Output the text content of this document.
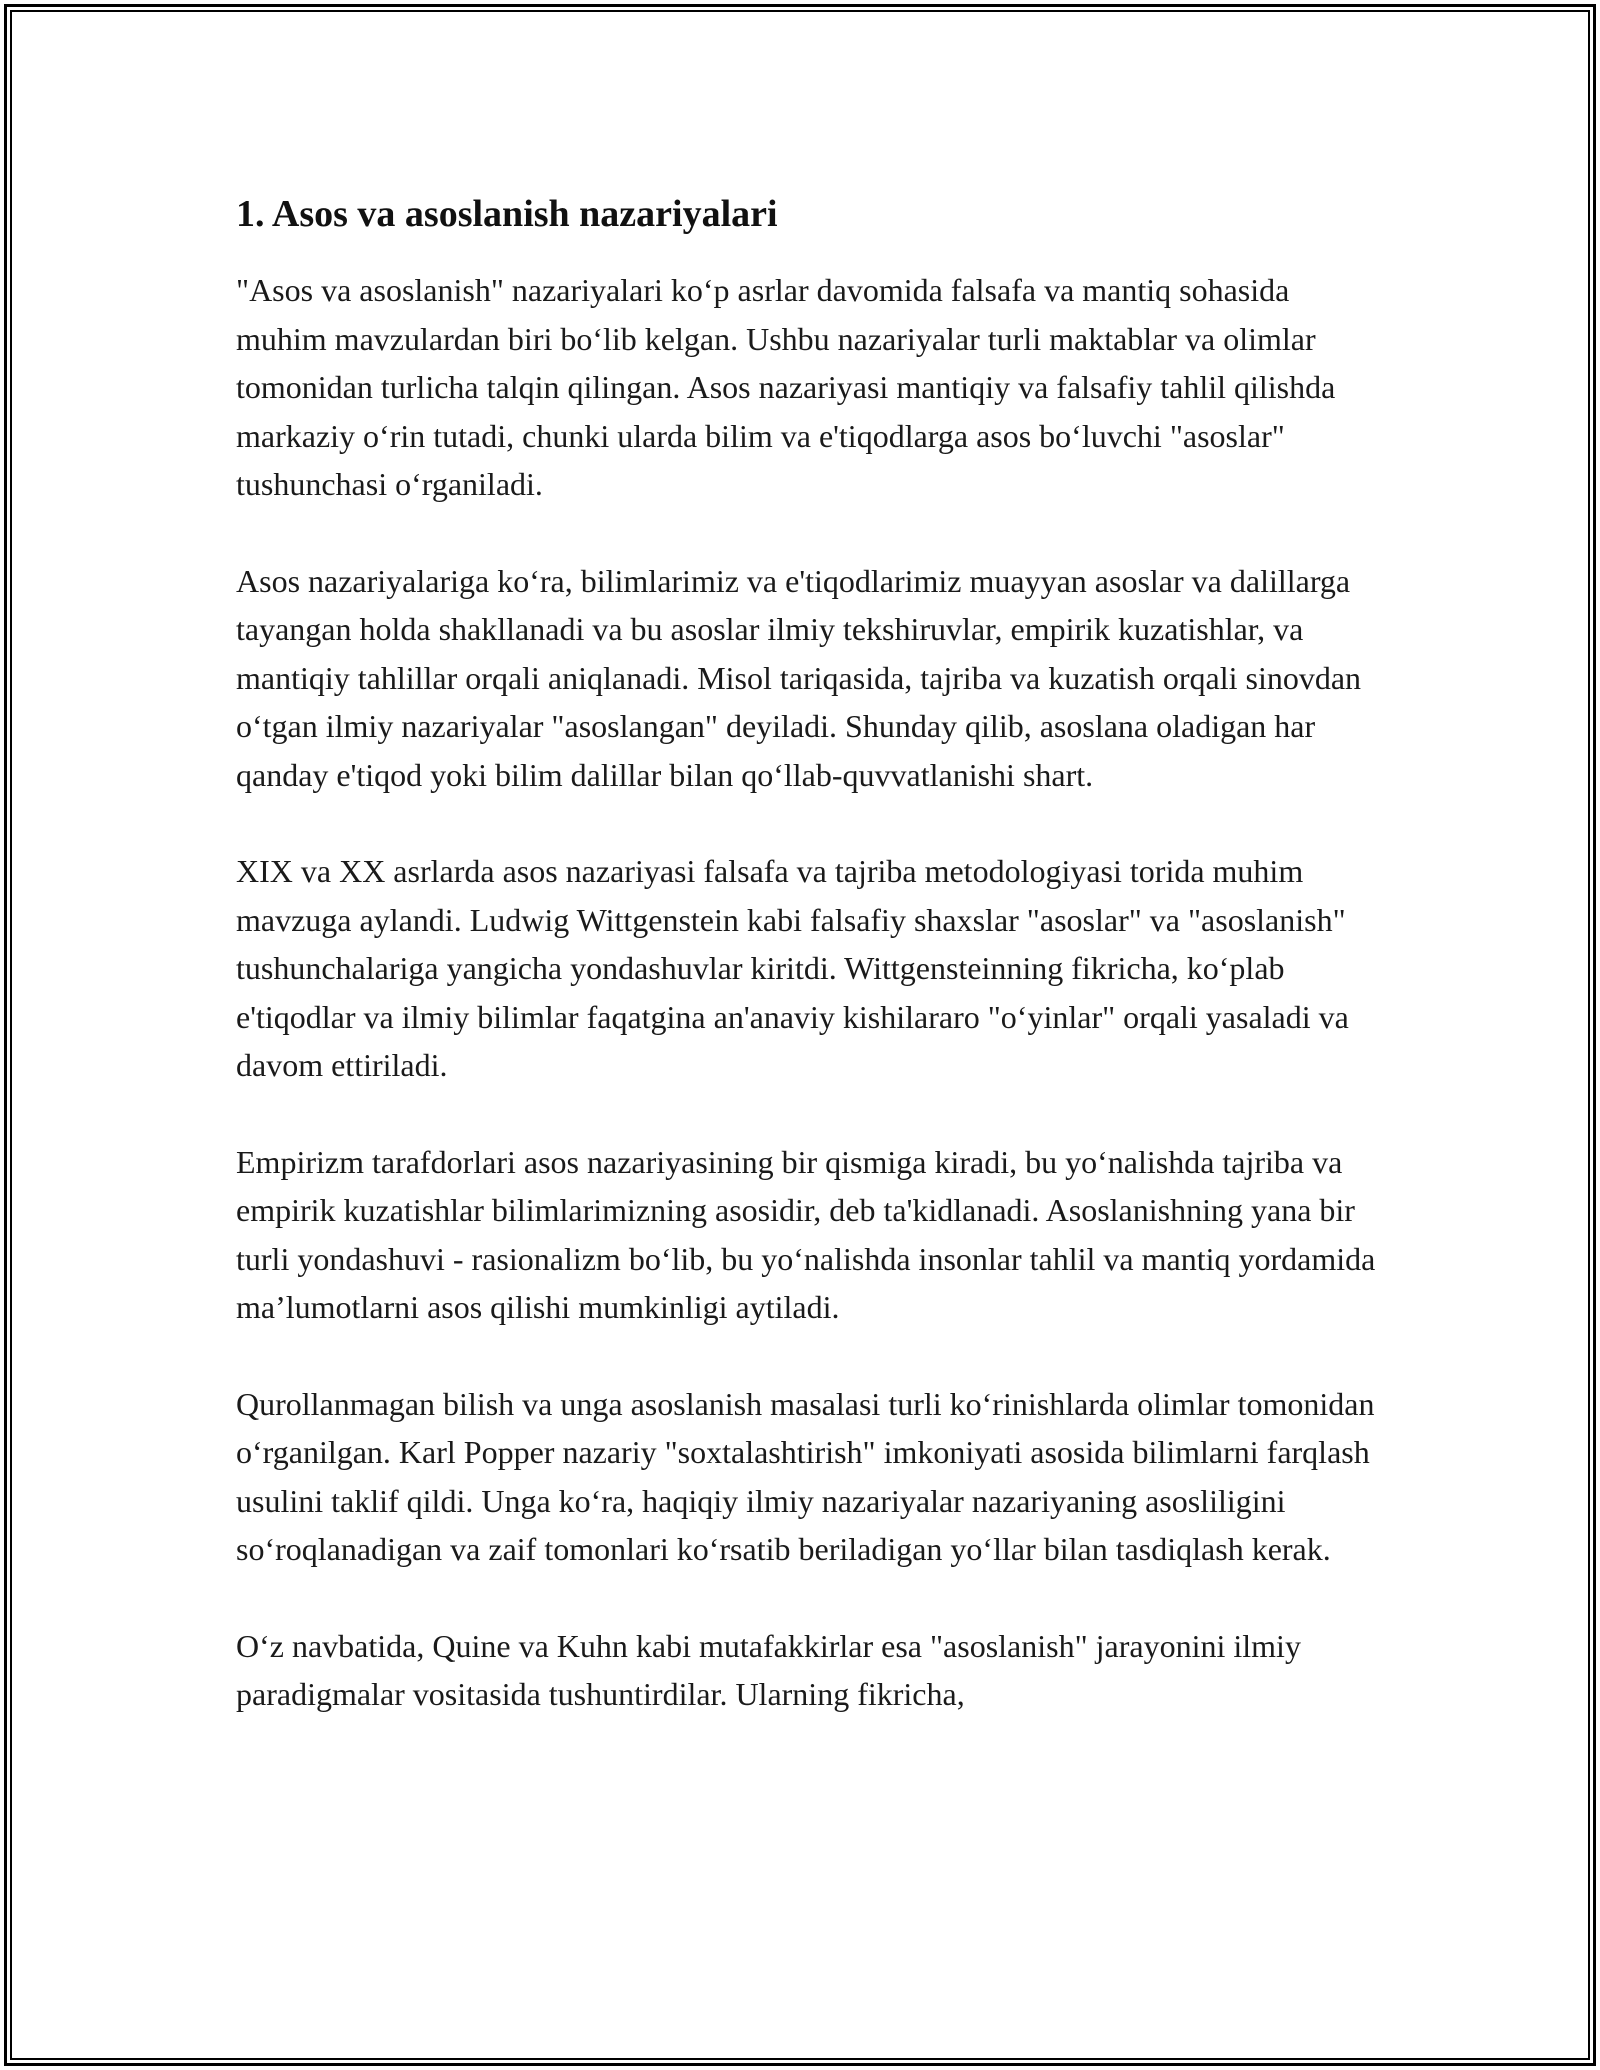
1. Asos va asoslanish nazariyalari

"Asos va asoslanish" nazariyalari koʻp asrlar davomida falsafa va mantiq sohasida muhim mavzulardan biri boʻlib kelgan. Ushbu nazariyalar turli maktablar va olimlar tomonidan turlicha talqin qilingan. Asos nazariyasi mantiqiy va falsafiy tahlil qilishda markaziy oʻrin tutadi, chunki ularda bilim va e'tiqodlarga asos boʻluvchi "asoslar" tushunchasi oʻrganiladi.

Asos nazariyalariga koʻra, bilimlarimiz va e'tiqodlarimiz muayyan asoslar va dalillarga tayangan holda shakllanadi va bu asoslar ilmiy tekshiruvlar, empirik kuzatishlar, va mantiqiy tahlillar orqali aniqlanadi. Misol tariqasida, tajriba va kuzatish orqali sinovdan oʻtgan ilmiy nazariyalar "asoslangan" deyiladi. Shunday qilib, asoslana oladigan har qanday e'tiqod yoki bilim dalillar bilan qoʻllab-quvvatlanishi shart.

XIX va XX asrlarda asos nazariyasi falsafa va tajriba metodologiyasi torida muhim mavzuga aylandi. Ludwig Wittgenstein kabi falsafiy shaxslar "asoslar" va "asoslanish" tushunchalariga yangicha yondashuvlar kiritdi. Wittgensteinning fikricha, koʻplab e'tiqodlar va ilmiy bilimlar faqatgina an'anaviy kishilararo "oʻyinlar" orqali yasaladi va davom ettiriladi.

Empirizm tarafdorlari asos nazariyasining bir qismiga kiradi, bu yoʻnalishda tajriba va empirik kuzatishlar bilimlarimizning asosidir, deb ta'kidlanadi. Asoslanishning yana bir turli yondashuvi - rasionalizm boʻlib, bu yoʻnalishda insonlar tahlil va mantiq yordamida ma’lumotlarni asos qilishi mumkinligi aytiladi.

Qurollanmagan bilish va unga asoslanish masalasi turli koʻrinishlarda olimlar tomonidan oʻrganilgan. Karl Popper nazariy "soxtalashtirish" imkoniyati asosida bilimlarni farqlash usulini taklif qildi. Unga koʻra, haqiqiy ilmiy nazariyalar nazariyaning asosliligini soʻroqlanadigan va zaif tomonlari koʻrsatib beriladigan yoʻllar bilan tasdiqlash kerak.

Oʻz navbatida, Quine va Kuhn kabi mutafakkirlar esa "asoslanish" jarayonini ilmiy paradigmalar vositasida tushuntirdilar. Ularning fikricha,
